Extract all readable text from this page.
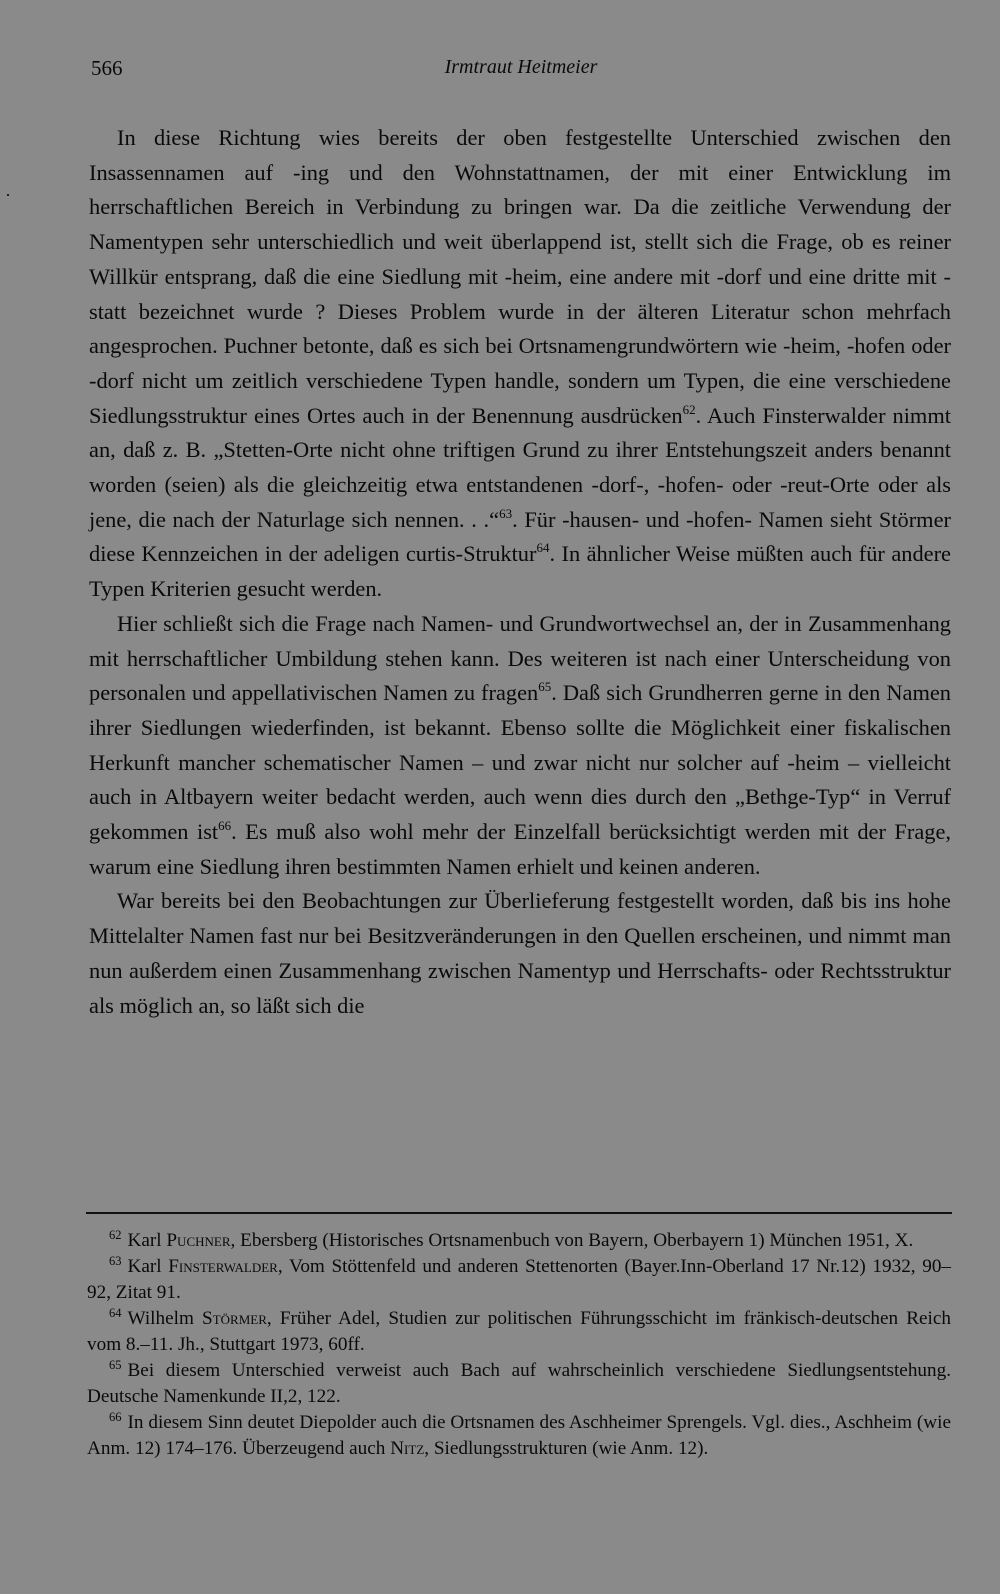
566	Irmtraut Heitmeier

In diese Richtung wies bereits der oben festgestellte Unterschied zwischen den Insassennamen auf -ing und den Wohnstattnamen, der mit einer Entwicklung im herrschaftlichen Bereich in Verbindung zu bringen war. Da die zeitliche Verwendung der Namentypen sehr unterschiedlich und weit überlappend ist, stellt sich die Frage, ob es reiner Willkür entsprang, daß die eine Siedlung mit -heim, eine andere mit -dorf und eine dritte mit -statt bezeichnet wurde ? Dieses Problem wurde in der älteren Literatur schon mehrfach angesprochen. Puchner betonte, daß es sich bei Ortsnamengrundwörtern wie -heim, -hofen oder -dorf nicht um zeitlich verschiedene Typen handle, sondern um Typen, die eine verschiedene Siedlungsstruktur eines Ortes auch in der Benennung ausdrücken$^{62}$. Auch Finsterwalder nimmt an, daß z. B. „Stetten-Orte nicht ohne triftigen Grund zu ihrer Entstehungszeit anders benannt worden (seien) als die gleichzeitig etwa entstandenen -dorf-, -hofen- oder -reut-Orte oder als jene, die nach der Naturlage sich nennen. . .“$^{63}$. Für -hausen- und -hofen- Namen sieht Störmer diese Kennzeichen in der adeligen curtis-Struktur$^{64}$. In ähnlicher Weise müßten auch für andere Typen Kriterien gesucht werden.

Hier schließt sich die Frage nach Namen- und Grundwortwechsel an, der in Zusammenhang mit herrschaftlicher Umbildung stehen kann. Des weiteren ist nach einer Unterscheidung von personalen und appellativischen Namen zu fragen$^{65}$. Daß sich Grundherren gerne in den Namen ihrer Siedlungen wiederfinden, ist bekannt. Ebenso sollte die Möglichkeit einer fiskalischen Herkunft mancher schematischer Namen – und zwar nicht nur solcher auf -heim – vielleicht auch in Altbayern weiter bedacht werden, auch wenn dies durch den „Bethge-Typ“ in Verruf gekommen ist$^{66}$. Es muß also wohl mehr der Einzelfall berücksichtigt werden mit der Frage, warum eine Siedlung ihren bestimmten Namen erhielt und keinen anderen.

War bereits bei den Beobachtungen zur Überlieferung festgestellt worden, daß bis ins hohe Mittelalter Namen fast nur bei Besitzveränderungen in den Quellen erscheinen, und nimmt man nun außerdem einen Zusammenhang zwischen Namentyp und Herrschafts- oder Rechtsstruktur als möglich an, so läßt sich die

$^{62}$ Karl Puchner, Ebersberg (Historisches Ortsnamenbuch von Bayern, Oberbayern 1) München 1951, X.

$^{63}$ Karl Finsterwalder, Vom Stöttenfeld und anderen Stettenorten (Bayer.Inn-Oberland 17 Nr.12) 1932, 90–92, Zitat 91.

$^{64}$ Wilhelm Störmer, Früher Adel, Studien zur politischen Führungsschicht im fränkisch-deutschen Reich vom 8.–11. Jh., Stuttgart 1973, 60ff.

$^{65}$ Bei diesem Unterschied verweist auch Bach auf wahrscheinlich verschiedene Siedlungsentstehung. Deutsche Namenkunde II,2, 122.

$^{66}$ In diesem Sinn deutet Diepolder auch die Ortsnamen des Aschheimer Sprengels. Vgl. dies., Aschheim (wie Anm. 12) 174–176. Überzeugend auch Nitz, Siedlungsstrukturen (wie Anm. 12).
